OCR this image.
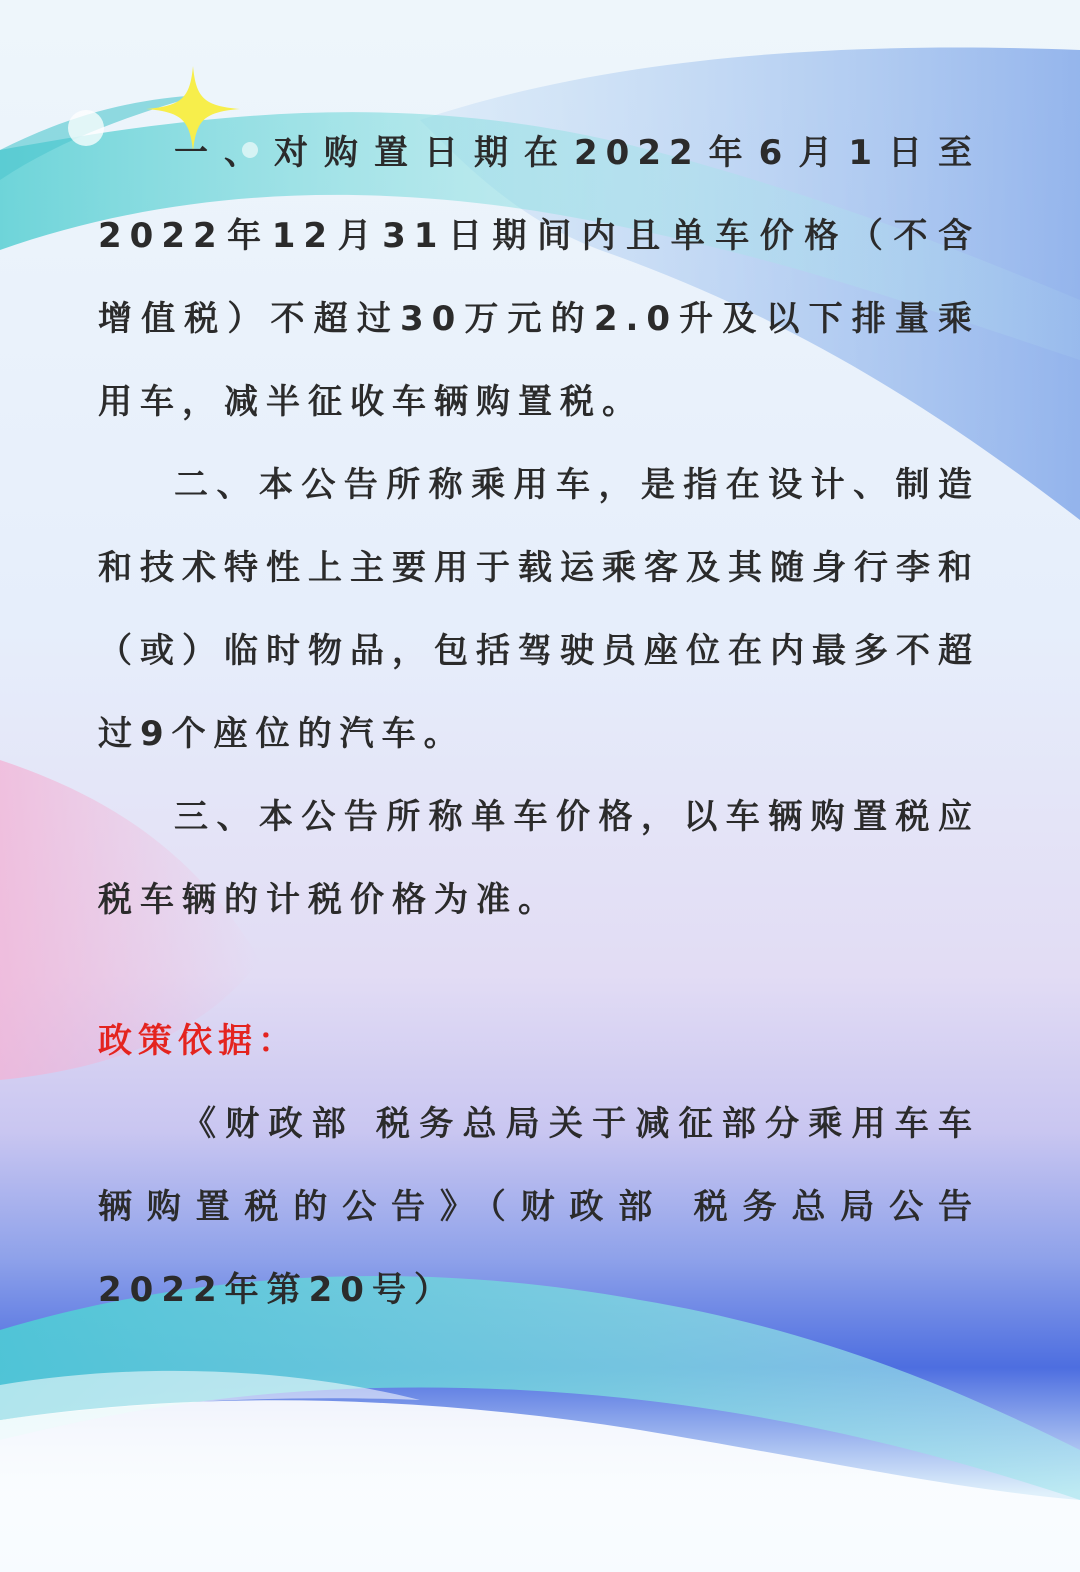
一、对购置日期在2022年6月1日至2022年12月31日期间内且单车价格（不含增值税）不超过30万元的2.0升及以下排量乘用车，减半征收车辆购置税。

二、本公告所称乘用车，是指在设计、制造和技术特性上主要用于载运乘客及其随身行李和（或）临时物品，包括驾驶员座位在内最多不超过9个座位的汽车。

三、本公告所称单车价格，以车辆购置税应税车辆的计税价格为准。

政策依据：

《财政部 税务总局关于减征部分乘用车车辆购置税的公告》（财政部 税务总局公告2022年第20号）
